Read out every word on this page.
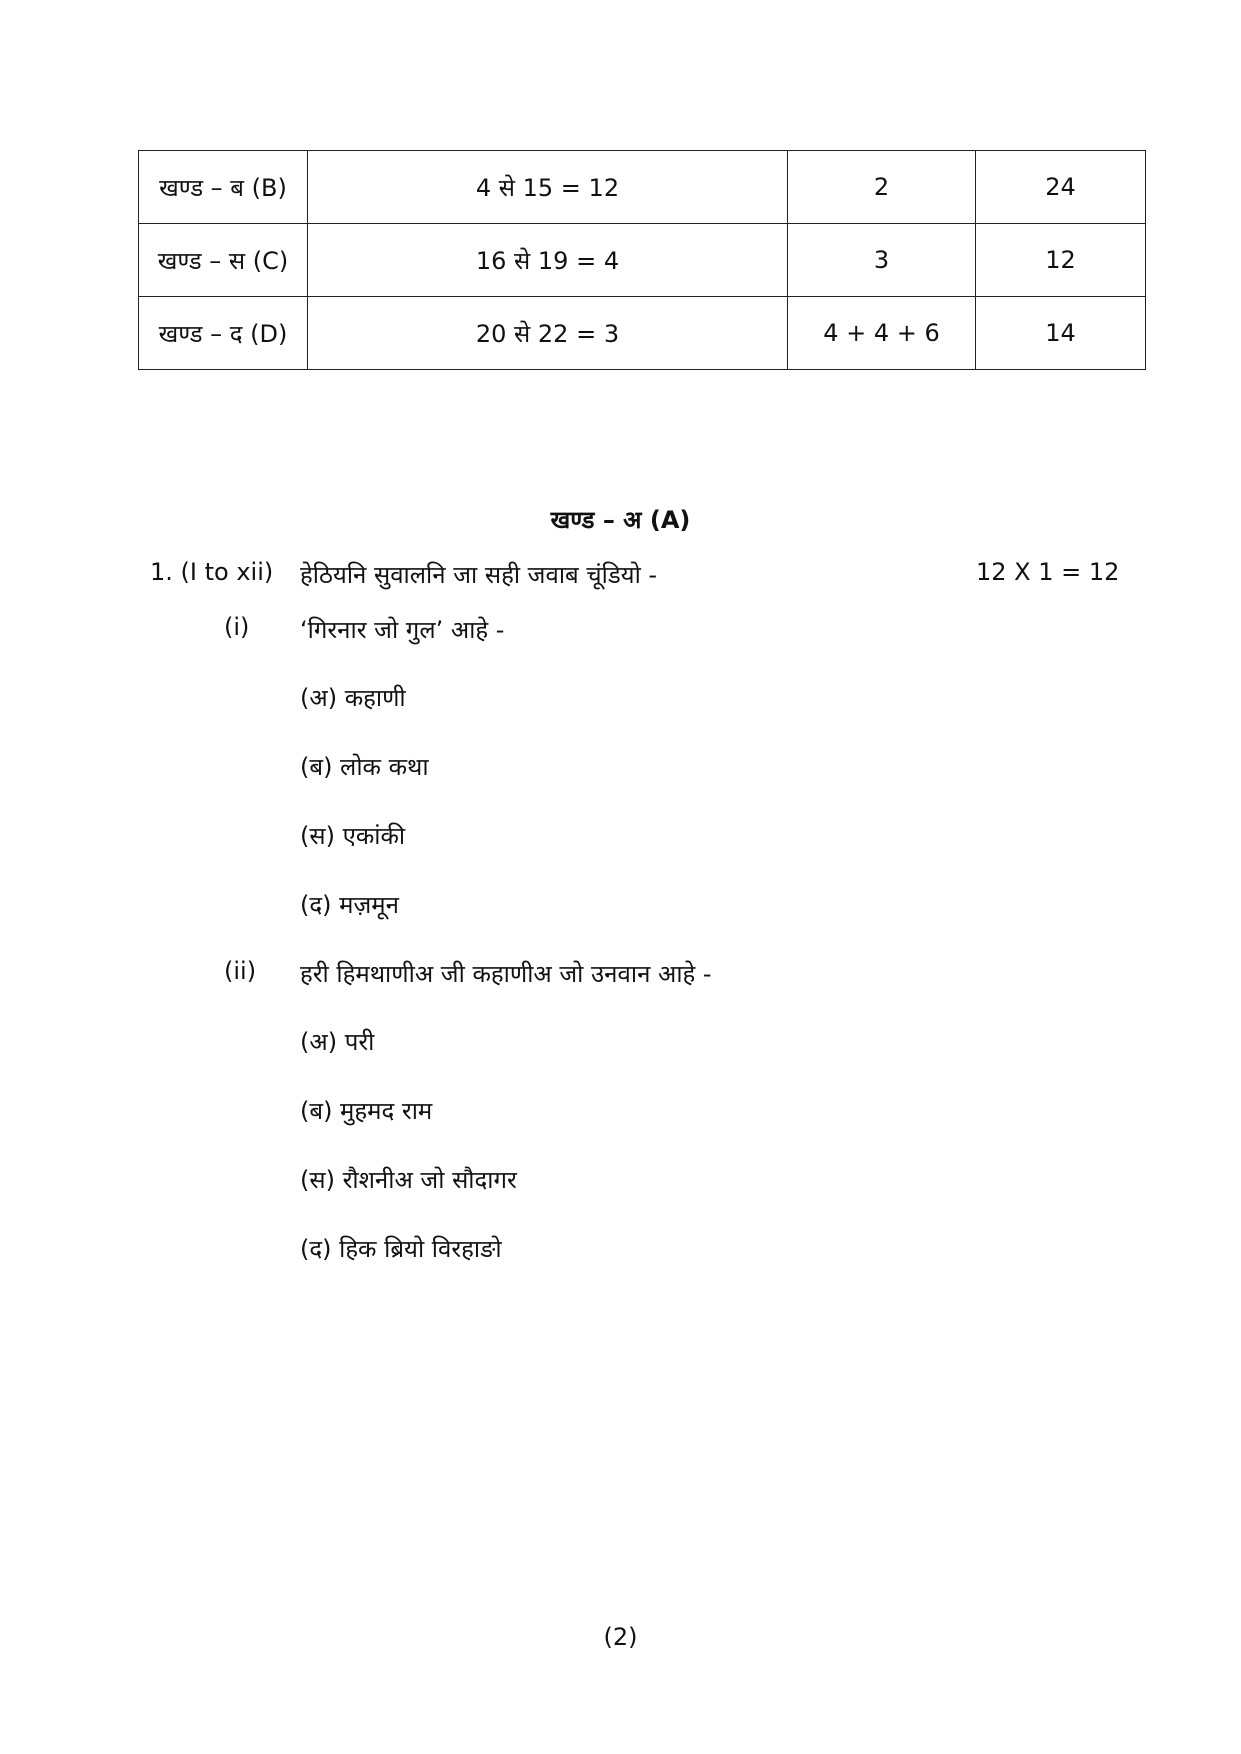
खण्ड – ब (B)	4 से 15 = 12	2	24
खण्ड – स (C)	16 से 19 = 4	3	12
खण्ड – द (D)	20 से 22 = 3	4 + 4 + 6	14
खण्ड – अ (A)
1. (I to xii) हेठियनि सुवालनि जा सही जवाब चूंडियो -	12 X 1 = 12
(i) ‘गिरनार जो गुल’ आहे -
(अ) कहाणी
(ब) लोक कथा
(स) एकांकी
(द) मज़मून
(ii) हरी हिमथाणीअ जी कहाणीअ जो उनवान आहे -
(अ) परी
(ब) मुहमद राम
(स) रौशनीअ जो सौदागर
(द) हिक ब्रियो विरहाङो
(2)
